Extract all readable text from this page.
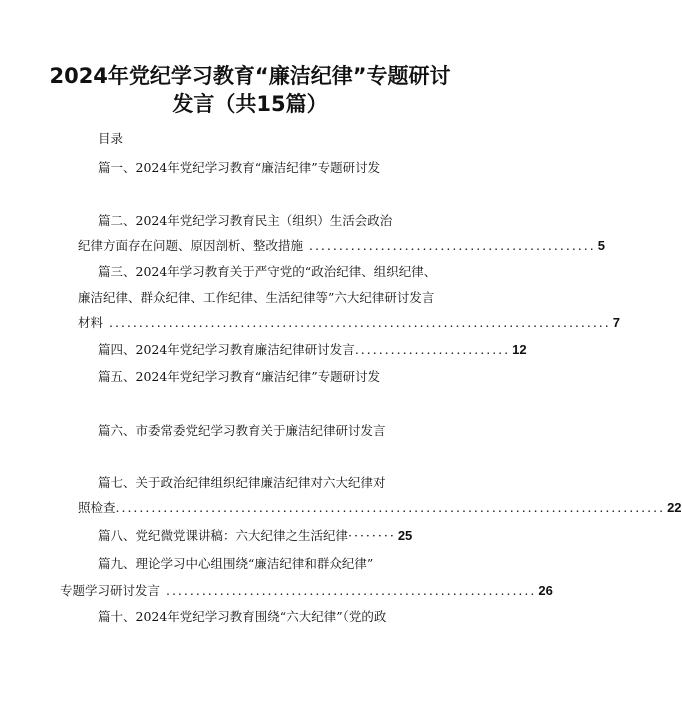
2024年党纪学习教育“廉洁纪律”专题研讨
发言（共15篇）
目录
篇一、2024年党纪学习教育“廉洁纪律”专题研讨发
篇二、2024年党纪学习教育民主（组织）生活会政治
纪律方面存在问题、原因剖析、整改措施 ................................................ 5
篇三、2024年学习教育关于严守党的“政治纪律、组织纪律、
廉洁纪律、群众纪律、工作纪律、生活纪律等”六大纪律研讨发言
材料 .................................................................................... 7
篇四、2024年党纪学习教育廉洁纪律研讨发言 .......................... 12
篇五、2024年党纪学习教育“廉洁纪律”专题研讨发
篇六、市委常委党纪学习教育关于廉洁纪律研讨发言
篇七、关于政治纪律组织纪律廉洁纪律对六大纪律对
照检查 ............................................................................................ 22
篇八、党纪微党课讲稿：六大纪律之生活纪律 ········ 25
篇九、理论学习中心组围绕“廉洁纪律和群众纪律”
专题学习研讨发言 .............................................................. 26
篇十、2024年党纪学习教育围绕“六大纪律”（党的政
